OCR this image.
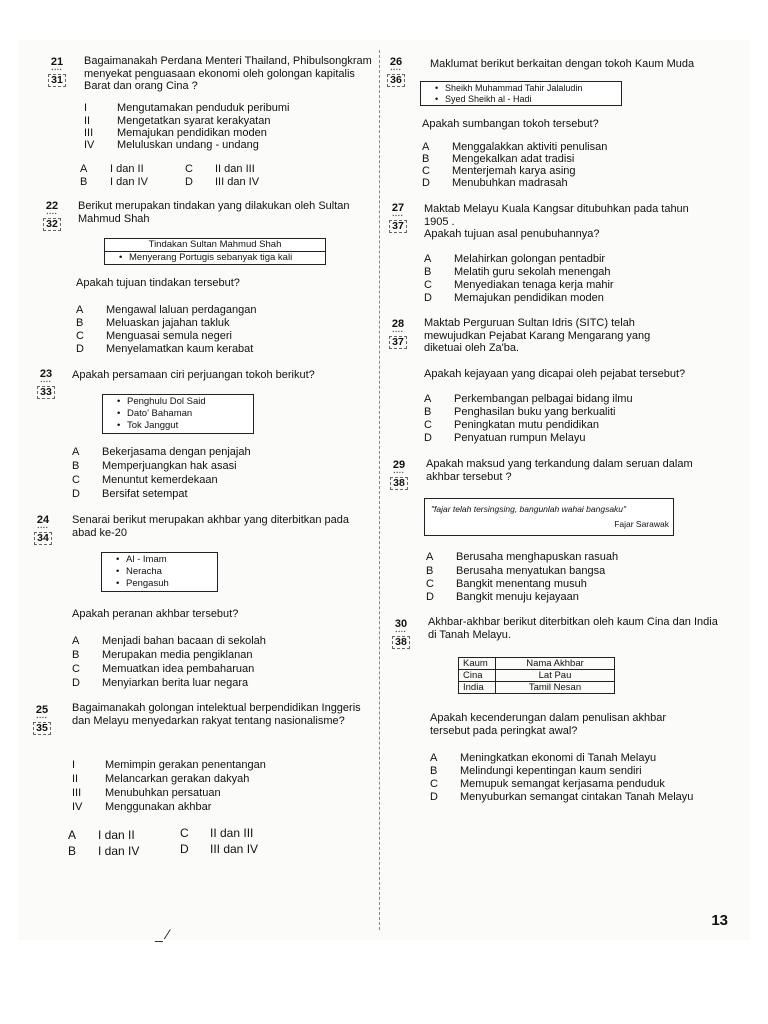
21
▪▪▪▪
31
Bagaimanakah Perdana Menteri Thailand, Phibulsongkram menyekat penguasaan ekonomi oleh golongan kapitalis Barat dan orang Cina ?
I	Mengutamakan penduduk peribumi
II Mengetatkan syarat kerakyatan
III Memajukan pendidikan moden
IV Meluluskan undang - undang
A I dan II	C II dan III
B I dan IV	D III dan IV
22
▪▪▪▪
32
Berikut merupakan tindakan yang dilakukan oleh Sultan Mahmud Shah
Tindakan Sultan Mahmud Shah
• Menyerang Portugis sebanyak tiga kali
Apakah tujuan tindakan tersebut?
A Mengawal laluan perdagangan
B Meluaskan jajahan takluk
C Menguasai semula negeri
D Menyelamatkan kaum kerabat
23
▪▪▪▪
33
Apakah persamaan ciri perjuangan tokoh berikut?
• Penghulu Dol Said
• Dato' Bahaman
• Tok Janggut
A Bekerjasama dengan penjajah
B Memperjuangkan hak asasi
C Menuntut kemerdekaan
D Bersifat setempat
24
▪▪▪▪
34
Senarai berikut merupakan akhbar yang diterbitkan pada abad ke-20
• Al - Imam
• Neracha
• Pengasuh
Apakah peranan akhbar tersebut?
A Menjadi bahan bacaan di sekolah
B Merupakan media pengiklanan
C Memuatkan idea pembaharuan
D Menyiarkan berita luar negara
25
▪▪▪▪
35
Bagaimanakah golongan intelektual berpendidikan Inggeris dan Melayu menyedarkan rakyat tentang nasionalisme?
I	Memimpin gerakan penentangan
II Melancarkan gerakan dakyah
III Menubuhkan persatuan
IV Menggunakan akhbar
A I dan II	C II dan III
B I dan IV	D III dan IV
26
▪▪▪▪
36
Maklumat berikut berkaitan dengan tokoh Kaum Muda
• Sheikh Muhammad Tahir Jalaludin
• Syed Sheikh al - Hadi
Apakah sumbangan tokoh tersebut?
A Menggalakkan aktiviti penulisan
B Mengekalkan adat tradisi
C Menterjemah karya asing
D Menubuhkan madrasah
27
▪▪▪▪
37
Maktab Melayu Kuala Kangsar ditubuhkan pada tahun 1905 .
Apakah tujuan asal penubuhannya?
A Melahirkan golongan pentadbir
B Melatih guru sekolah menengah
C Menyediakan tenaga kerja mahir
D Memajukan pendidikan moden
28
▪▪▪▪
37
Maktab Perguruan Sultan Idris (SITC) telah mewujudkan Pejabat Karang Mengarang yang diketuai oleh Za'ba.
Apakah kejayaan yang dicapai oleh pejabat tersebut?
A Perkembangan pelbagai bidang ilmu
B Penghasilan buku yang berkualiti
C Peningkatan mutu pendidikan
D Penyatuan rumpun Melayu
29
▪▪▪▪
38
Apakah maksud yang terkandung dalam seruan dalam akhbar tersebut ?
"fajar telah tersingsing, bangunlah wahai bangsaku"
Fajar Sarawak
A Berusaha menghapuskan rasuah
B Berusaha menyatukan bangsa
C Bangkit menentang musuh
D Bangkit menuju kejayaan
30
▪▪▪▪
38
Akhbar-akhbar berikut diterbitkan oleh kaum Cina dan India di Tanah Melayu.
Kaum	Nama Akhbar
Cina	Lat Pau
India	Tamil Nesan
Apakah kecenderungan dalam penulisan akhbar tersebut pada peringkat awal?
A Meningkatkan ekonomi di Tanah Melayu
B Melindungi kepentingan kaum sendiri
C Memupuk semangat kerjasama penduduk
D Menyuburkan semangat cintakan Tanah Melayu
_ ⁄
13
